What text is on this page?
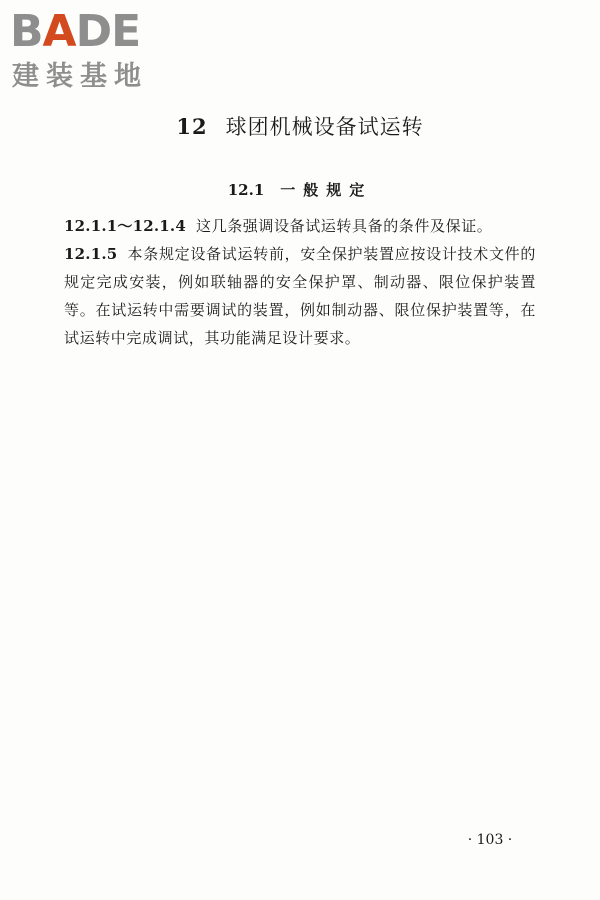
BADE
建装基地
12 球团机械设备试运转
12.1 一般规定

12.1.1～12.1.4 这几条强调设备试运转具备的条件及保证。

12.1.5 本条规定设备试运转前，安全保护装置应按设计技术文件的规定完成安装，例如联轴器的安全保护罩、制动器、限位保护装置等。在试运转中需要调试的装置，例如制动器、限位保护装置等，在试运转中完成调试，其功能满足设计要求。

· 103 ·
